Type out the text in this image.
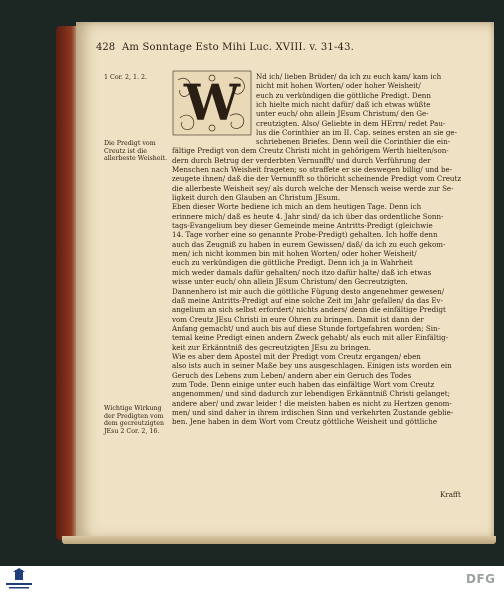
428 Am Sonntage Esto Mihi Luc. XVIII. v. 31-43.
1 Cor. 2, 1. 2.
Die Predigt vom Creutz ist die allerbeste Weisheit.
Wichtige Wirkung der Predigten vom dem gecreutzigten JEsu 2 Cor. 2, 16.
W Nd ich/ lieben Brüder/ da ich zu euch kam/ kam ich
nicht mit hohen Worten/ oder hoher Weisheit/
euch zu verkündigen die göttliche Predigt. Denn
ich hielte mich nicht dafür/ daß ich etwas wüßte
unter euch/ ohn allein JEsum Christum/ den Ge-
creutzigten. Also/ Geliebte in dem HErrn/ redet Pau-
lus die Corinthier an im II. Cap. seines ersten an sie ge-
schriebenen Briefes. Denn weil die Corinthier die ein-
fältige Predigt von dem Creutz Christi nicht in gehörigem Werth hielten/son-
dern durch Betrug der verderbten Vernunfft/ und durch Verführung der
Menschen nach Weisheit frageten; so straffete er sie deswegen billig/ und be-
zeugete ihnen/ daß die der Vernunfft so thöricht scheinende Predigt vom Creutz
die allerbeste Weisheit sey/ als durch welche der Mensch weise werde zur Se-
ligkeit durch den Glauben an Christum JEsum.
Eben dieser Worte bediene ich mich an dem heutigen Tage. Denn ich
erinnere mich/ daß es heute 4. Jahr sind/ da ich über das ordentliche Sonn-
tags-Evangelium bey dieser Gemeinde meine Antritts-Predigt (gleichwie
14. Tage vorher eine so genannte Probe-Predigt) gehalten. Ich hoffe denn
auch das Zeugniß zu haben in eurem Gewissen/ daß/ da ich zu euch gekom-
men/ ich nicht kommen bin mit hohen Worten/ oder hoher Weisheit/
euch zu verkündigen die göttliche Predigt. Denn ich ja in Wahrheit
mich weder damals dafür gehalten/ noch itzo dafür halte/ daß ich etwas
wisse unter euch/ ohn allein JEsum Christum/ den Gecreutzigten.
Dannenhero ist mir auch die göttliche Fügung desto angenehmer gewesen/
daß meine Antritts-Predigt auf eine solche Zeit im Jahr gefallen/ da das Ev-
angelium an sich selbst erfordert/ nichts anders/ denn die einfältige Predigt
vom Creutz JEsu Christi in eure Ohren zu bringen. Damit ist dann der
Anfang gemacht/ und auch bis auf diese Stunde fortgefahren worden; Sin-
temal keine Predigt einen andern Zweck gehabt/ als euch mit aller Einfältig-
keit zur Erkänntniß des gecreutzigten JEsu zu bringen.
Wie es aber dem Apostel mit der Predigt vom Creutz ergangen/ eben
also ists auch in seiner Maße bey uns ausgeschlagen. Einigen ists worden ein
Geruch des Lebens zum Leben/ andern aber ein Geruch des Todes
zum Tode. Denn einige unter euch haben das einfältige Wort vom Creutz
angenommen/ und sind dadurch zur lebendigen Erkänntniß Christi gelanget;
andere aber/ und zwar leider ! die meisten haben es nicht zu Hertzen genom-
men/ und sind daher in ihrem irdischen Sinn und verkehrten Zustande geblie-
ben. Jene haben in dem Wort vom Creutz göttliche Weisheit und göttliche
Krafft
DFG
